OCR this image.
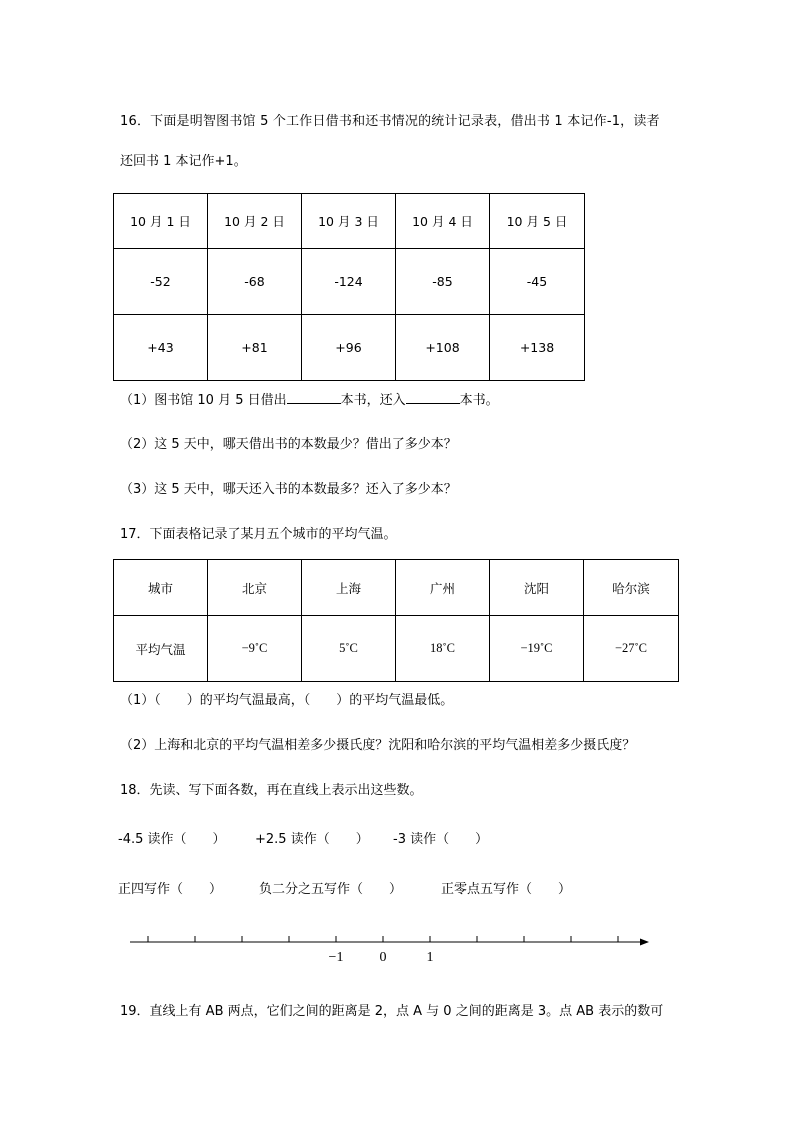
16．下面是明智图书馆 5 个工作日借书和还书情况的统计记录表，借出书 1 本记作-1，读者
还回书 1 本记作+1。
10 月 1 日	10 月 2 日	10 月 3 日	10 月 4 日	10 月 5 日
-52	-68	-124	-85	-45
+43	+81	+96	+108	+138
（1）图书馆 10 月 5 日借出	本书，还入	本书。
（2）这 5 天中，哪天借出书的本数最少？借出了多少本？
（3）这 5 天中，哪天还入书的本数最多？还入了多少本？
17．下面表格记录了某月五个城市的平均气温。
城市	北京	上海	广州	沈阳	哈尔滨
平均气温	−9˚C	5˚C	18˚C	−19˚C	−27˚C
（1）（　　）的平均气温最高，（　　）的平均气温最低。
（2）上海和北京的平均气温相差多少摄氏度？沈阳和哈尔滨的平均气温相差多少摄氏度？
18．先读、写下面各数，再在直线上表示出这些数。
-4.5 读作（　　） +2.5 读作（　　） -3 读作（　　）
正四写作（　　）	负二分之五写作（　　）	正零点五写作（　　）
−1	0	1
19．直线上有 AB 两点，它们之间的距离是 2，点 A 与 0 之间的距离是 3。点 AB 表示的数可
